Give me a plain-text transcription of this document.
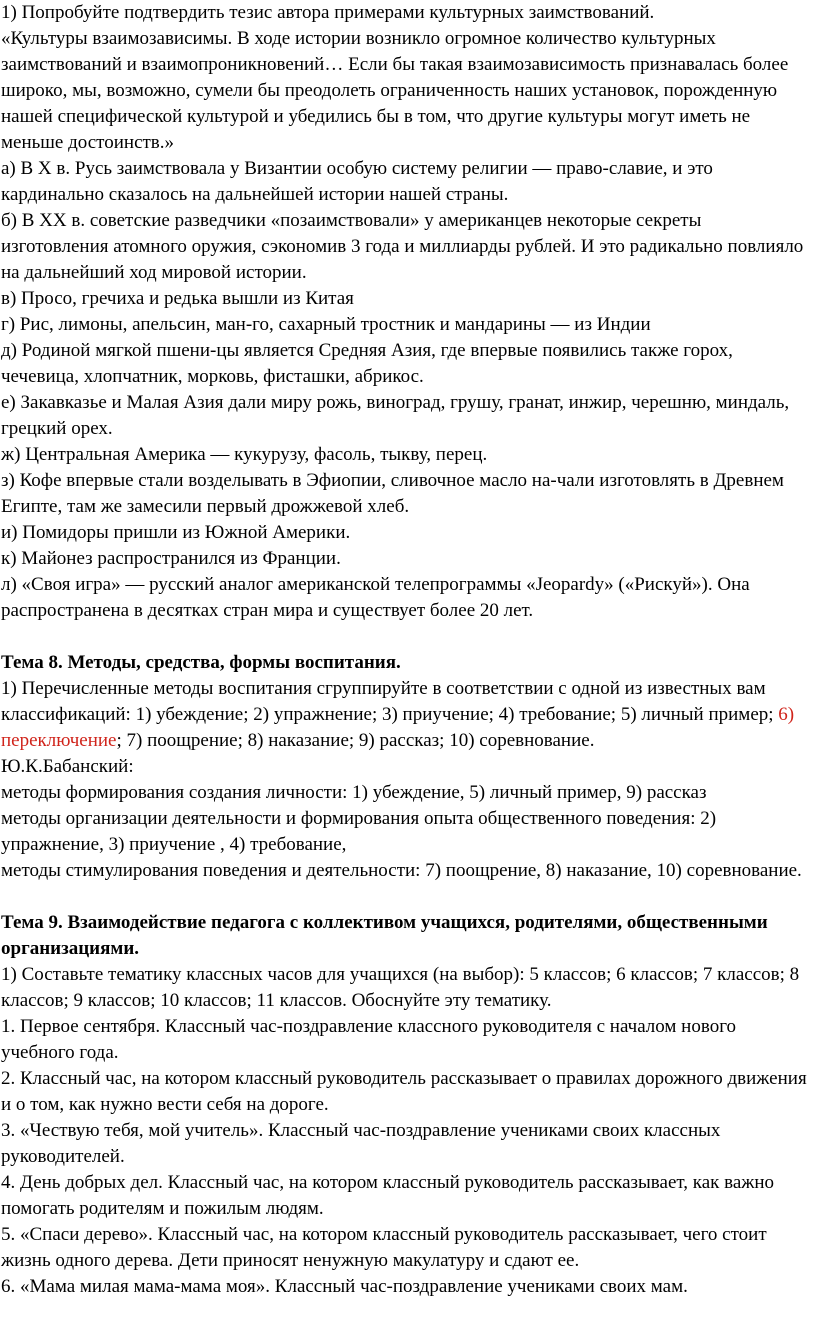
1) Попробуйте подтвердить тезис автора примерами культурных заимствований.

«Культуры взаимозависимы. В ходе истории возникло огромное количество культурных заимствований и взаимопроникновений… Если бы такая взаимозависимость признавалась более широко, мы, возможно, сумели бы преодолеть ограниченность наших установок, порожденную нашей специфической культурой и убедились бы в том, что другие культуры могут иметь не меньше достоинств.»

а) В Х в. Русь заимствовала у Византии особую систему религии — право-славие, и это кардинально сказалось на дальнейшей истории нашей страны.

б) В XX в. советские разведчики «позаимствовали» у американцев некоторые секреты изготовления атомного оружия, сэкономив 3 года и миллиарды рублей. И это радикально повлияло на дальнейший ход мировой истории.

в) Просо, гречиха и редька вышли из Китая

г) Рис, лимоны, апельсин, ман-го, сахарный тростник и мандарины — из Индии

д) Родиной мягкой пшени-цы является Средняя Азия, где впервые появились также горох, чечевица, хлопчатник, морковь, фисташки, абрикос.

е) Закавказье и Малая Азия дали миру рожь, виноград, грушу, гранат, инжир, черешню, миндаль, грецкий орех.

ж) Центральная Америка — кукурузу, фасоль, тыкву, перец.

з) Кофе впервые стали возделывать в Эфиопии, сливочное масло на-чали изготовлять в Древнем Египте, там же замесили первый дрожжевой хлеб.

и) Помидоры пришли из Южной Америки.

к) Майонез распространился из Франции.

л) «Своя игра» — русский аналог американской телепрограммы «Jeopardy» («Рискуй»). Она распространена в десятках стран мира и существует более 20 лет.

Тема 8. Методы, средства, формы воспитания.

1) Перечисленные методы воспитания сгруппируйте в соответствии с одной из известных вам классификаций: 1) убеждение; 2) упражнение; 3) приучение; 4) требование; 5) личный пример; 6) переключение; 7) поощрение; 8) наказание; 9) рассказ; 10) соревнование.

Ю.К.Бабанский:

методы формирования создания личности: 1) убеждение, 5) личный пример, 9) рассказ

методы организации деятельности и формирования опыта общественного поведения: 2) упражнение, 3) приучение , 4) требование,

методы стимулирования поведения и деятельности: 7) поощрение, 8) наказание, 10) соревнование.

Тема 9. Взаимодействие педагога с коллективом учащихся, родителями, общественными организациями.

1) Составьте тематику классных часов для учащихся (на выбор): 5 классов; 6 классов; 7 классов; 8 классов; 9 классов; 10 классов; 11 классов. Обоснуйте эту тематику.

1. Первое сентября. Классный час-поздравление классного руководителя с началом нового учебного года.

2. Классный час, на котором классный руководитель рассказывает о правилах дорожного движения и о том, как нужно вести себя на дороге.

3. «Чествую тебя, мой учитель». Классный час-поздравление учениками своих классных руководителей.

4. День добрых дел. Классный час, на котором классный руководитель рассказывает, как важно помогать родителям и пожилым людям.

5. «Спаси дерево». Классный час, на котором классный руководитель рассказывает, чего стоит жизнь одного дерева. Дети приносят ненужную макулатуру и сдают ее.

6. «Мама милая мама-мама моя». Классный час-поздравление учениками своих мам.
